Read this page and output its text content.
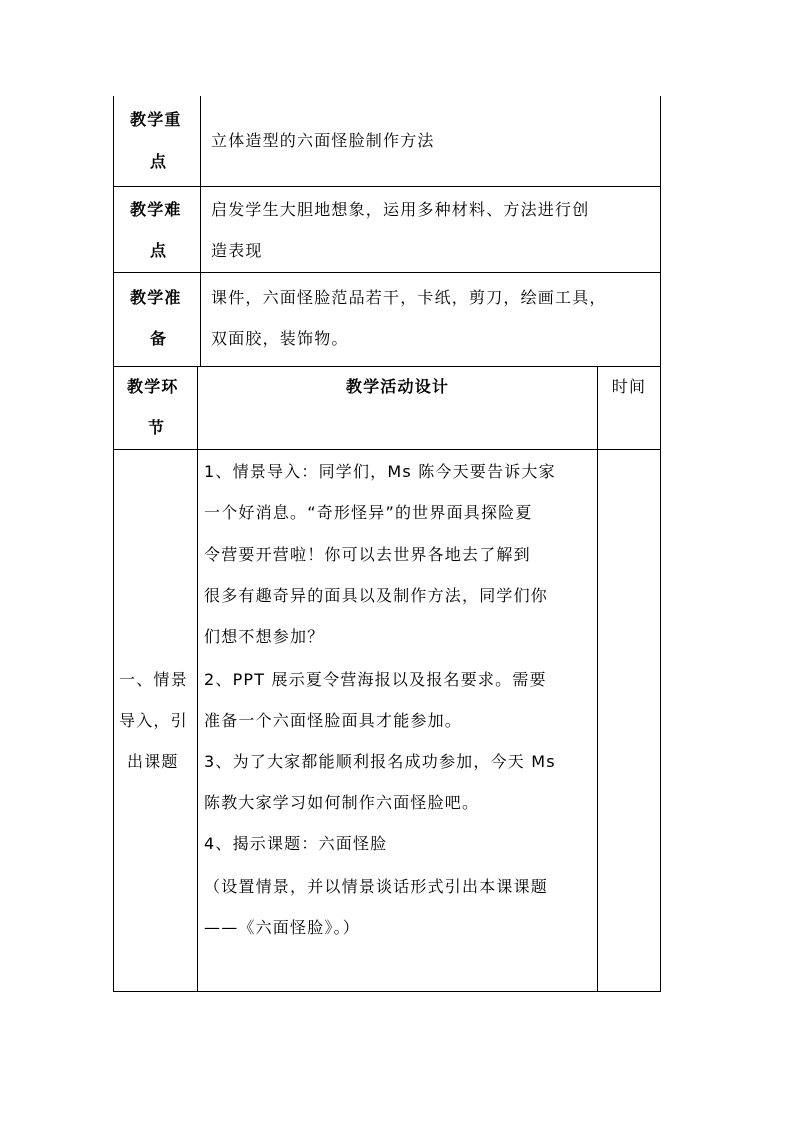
教学重
点
立体造型的六面怪脸制作方法
教学难
点
启发学生大胆地想象，运用多种材料、方法进行创
造表现
教学准
备
课件，六面怪脸范品若干，卡纸，剪刀，绘画工具，
双面胶，装饰物。
教学环
节
教学活动设计	时间
一、情景
导入，引
出课题
1、情景导入：同学们，Ms 陈今天要告诉大家
一个好消息。“奇形怪异”的世界面具探险夏
令营要开营啦！你可以去世界各地去了解到
很多有趣奇异的面具以及制作方法，同学们你
们想不想参加？
2、PPT 展示夏令营海报以及报名要求。需要
准备一个六面怪脸面具才能参加。
3、为了大家都能顺利报名成功参加，今天 Ms
陈教大家学习如何制作六面怪脸吧。
4、揭示课题：六面怪脸
（设置情景，并以情景谈话形式引出本课课题
——《六面怪脸》。）
